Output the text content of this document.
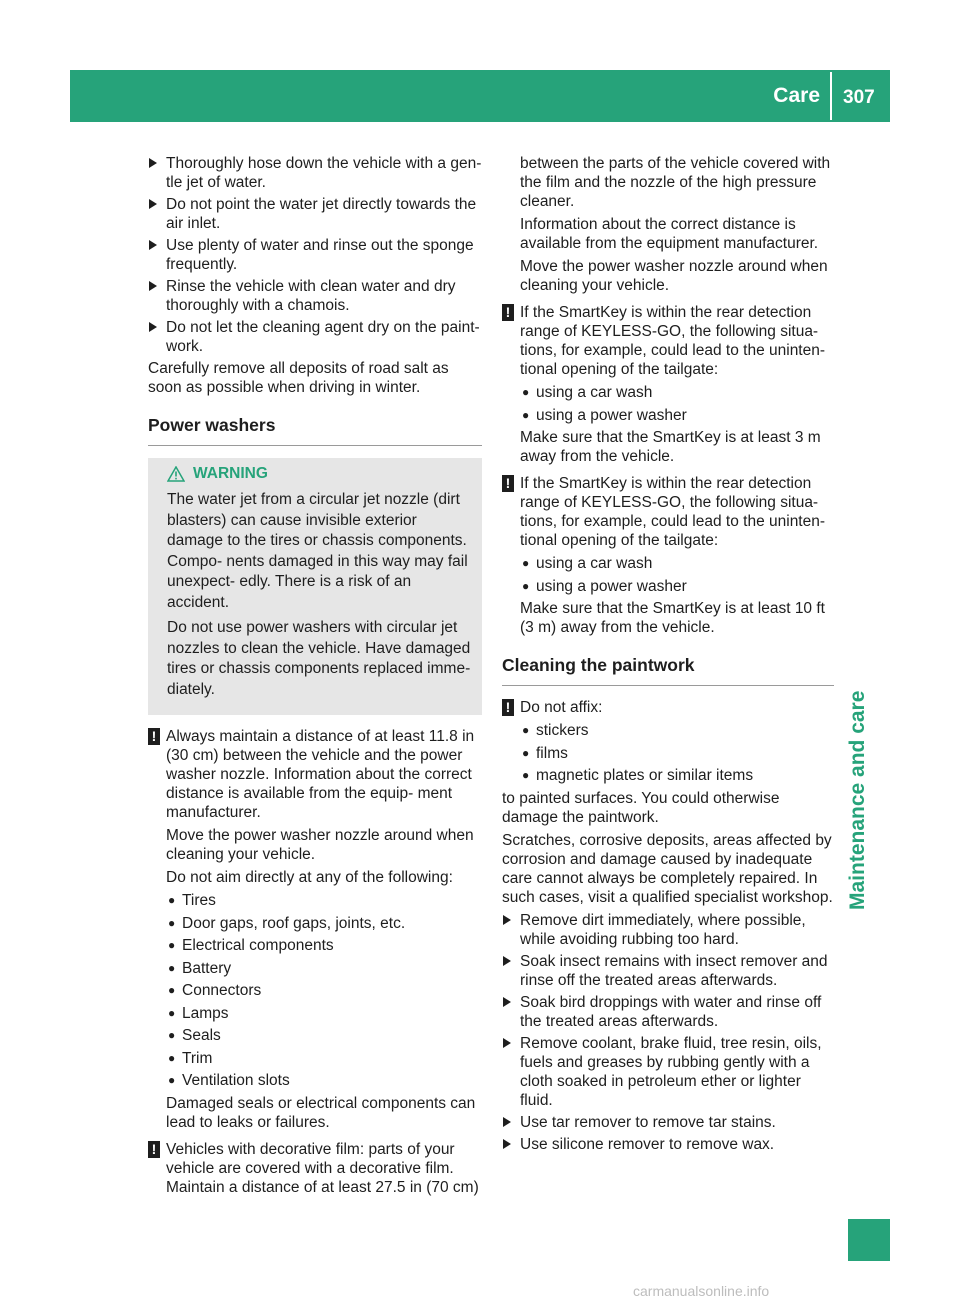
Care 307
Maintenance and care
carmanualsonline.info
Thoroughly hose down the vehicle with a gen- tle jet of water.
Do not point the water jet directly towards the air inlet.
Use plenty of water and rinse out the sponge frequently.
Rinse the vehicle with clean water and dry thoroughly with a chamois.
Do not let the cleaning agent dry on the paint- work.

Carefully remove all deposits of road salt as soon as possible when driving in winter.

Power washers
WARNING

The water jet from a circular jet nozzle (dirt blasters) can cause invisible exterior damage to the tires or chassis components. Compo- nents damaged in this way may fail unexpect- edly. There is a risk of an accident.

Do not use power washers with circular jet nozzles to clean the vehicle. Have damaged tires or chassis components replaced imme- diately.

! Always maintain a distance of at least 11.8 in (30 cm) between the vehicle and the power washer nozzle. Information about the correct distance is available from the equip- ment manufacturer.

Move the power washer nozzle around when cleaning your vehicle.

Do not aim directly at any of the following:

● Tires
● Door gaps, roof gaps, joints, etc.
● Electrical components
● Battery
● Connectors
● Lamps
● Seals
● Trim
● Ventilation slots

Damaged seals or electrical components can lead to leaks or failures.

! Vehicles with decorative film: parts of your vehicle are covered with a decorative film. Maintain a distance of at least 27.5 in (70 cm)

between the parts of the vehicle covered with the film and the nozzle of the high pressure cleaner.

Information about the correct distance is available from the equipment manufacturer.

Move the power washer nozzle around when cleaning your vehicle.

! If the SmartKey is within the rear detection range of KEYLESS-GO, the following situa- tions, for example, could lead to the uninten- tional opening of the tailgate:

● using a car wash
● using a power washer

Make sure that the SmartKey is at least 3 m away from the vehicle.

! If the SmartKey is within the rear detection range of KEYLESS-GO, the following situa- tions, for example, could lead to the uninten- tional opening of the tailgate:

● using a car wash
● using a power washer

Make sure that the SmartKey is at least 10 ft (3 m) away from the vehicle.

Cleaning the paintwork
! Do not affix:

● stickers
● films
● magnetic plates or similar items

to painted surfaces. You could otherwise damage the paintwork.

Scratches, corrosive deposits, areas affected by corrosion and damage caused by inadequate care cannot always be completely repaired. In such cases, visit a qualified specialist workshop.

Remove dirt immediately, where possible, while avoiding rubbing too hard.
Soak insect remains with insect remover and rinse off the treated areas afterwards.
Soak bird droppings with water and rinse off the treated areas afterwards.
Remove coolant, brake fluid, tree resin, oils, fuels and greases by rubbing gently with a cloth soaked in petroleum ether or lighter fluid.
Use tar remover to remove tar stains.
Use silicone remover to remove wax.
